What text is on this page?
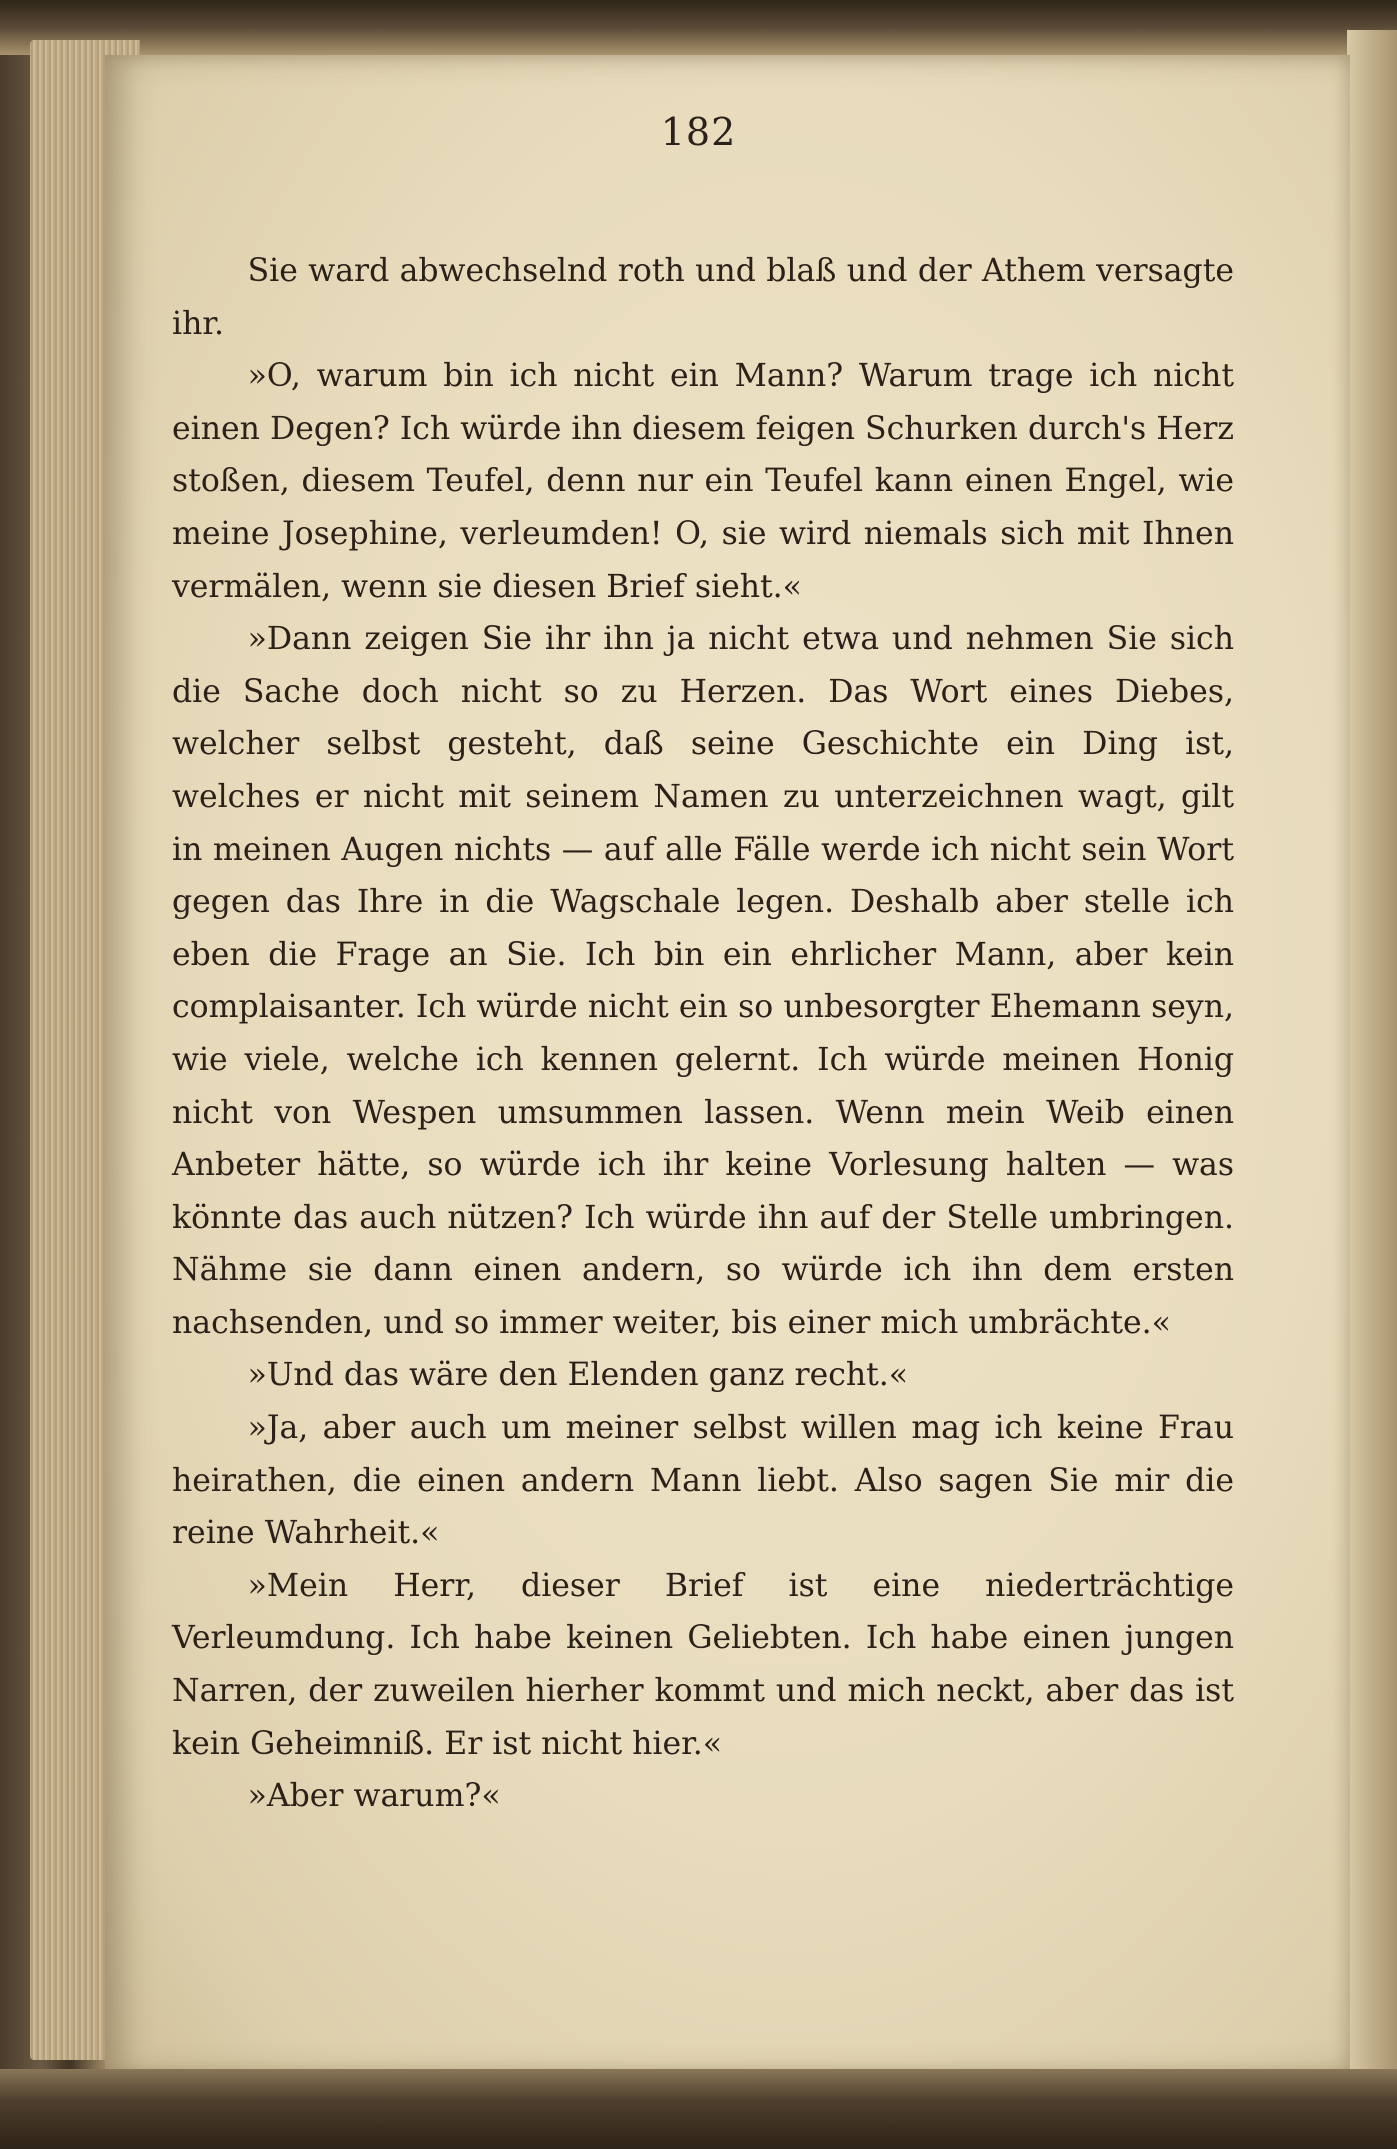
182

Sie ward abwechselnd roth und blaß und der Athem versagte ihr.

»O, warum bin ich nicht ein Mann? Warum trage ich nicht einen Degen? Ich würde ihn diesem feigen Schurken durch's Herz stoßen, diesem Teufel, denn nur ein Teufel kann einen Engel, wie meine Josephine, verleumden! O, sie wird niemals sich mit Ihnen vermälen, wenn sie diesen Brief sieht.«

»Dann zeigen Sie ihr ihn ja nicht etwa und nehmen Sie sich die Sache doch nicht so zu Herzen. Das Wort eines Diebes, welcher selbst gesteht, daß seine Geschichte ein Ding ist, welches er nicht mit seinem Namen zu unterzeichnen wagt, gilt in meinen Augen nichts — auf alle Fälle werde ich nicht sein Wort gegen das Ihre in die Wagschale legen. Deshalb aber stelle ich eben die Frage an Sie. Ich bin ein ehrlicher Mann, aber kein complaisanter. Ich würde nicht ein so unbesorgter Ehemann seyn, wie viele, welche ich kennen gelernt. Ich würde meinen Honig nicht von Wespen umsummen lassen. Wenn mein Weib einen Anbeter hätte, so würde ich ihr keine Vorlesung halten — was könnte das auch nützen? Ich würde ihn auf der Stelle umbringen. Nähme sie dann einen andern, so würde ich ihn dem ersten nachsenden, und so immer weiter, bis einer mich umbrächte.«

»Und das wäre den Elenden ganz recht.«

»Ja, aber auch um meiner selbst willen mag ich keine Frau heirathen, die einen andern Mann liebt. Also sagen Sie mir die reine Wahrheit.«

»Mein Herr, dieser Brief ist eine niederträchtige Verleumdung. Ich habe keinen Geliebten. Ich habe einen jungen Narren, der zuweilen hierher kommt und mich neckt, aber das ist kein Geheimniß. Er ist nicht hier.«

»Aber warum?«
